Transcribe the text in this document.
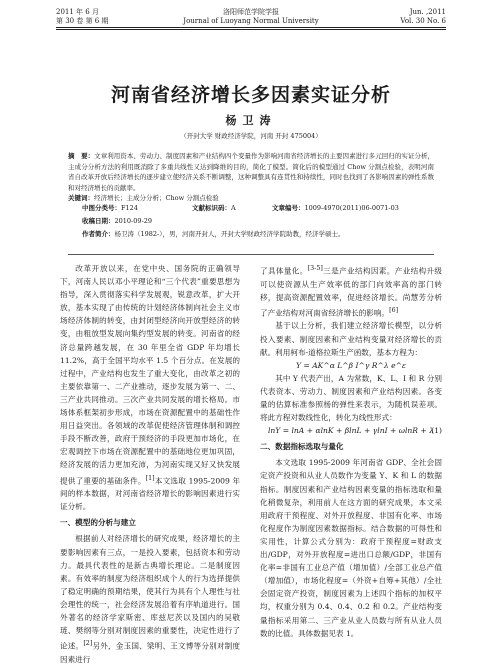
2011 年 6 月
第 30 卷 第 6 期
洛阳师范学院学报
Journal of Luoyang Normal University
Jun. ,2011
Vol. 30 No. 6
河南省经济增长多因素实证分析
杨卫涛
（开封大学 财政经济学院，河南 开封 475004）

摘　要：文章利用资本、劳动力、制度因素和产业结构四个变量作为影响河南省经济增长的主要因素进行多元回归的实证分析，主成分分析方法的利用既消除了多重共线性又达到降维的目的，简化了模型。简化后的模型通过 Chow 分割点检验，表明河南省自改革开放后经济增长的逐步建立使经济关系不断调整，这种调整具有连贯性和持续性，同时也找到了各影响因素的弹性系数和对经济增长的贡献率。

关键词：经济增长；主成分分析；Chow 分割点检验

中图分类号：F124	文献标识码：A	文章编号：1009-4970(2011)06-0071-03
收稿日期：2010-09-29
作者简介：杨卫涛（1982-），男，河南开封人，开封大学财政经济学院助教，经济学硕士。

改革开放以来，在党中央、国务院的正确领导下，河南人民以邓小平理论和“三个代表”重要思想为指导，深入贯彻落实科学发展观，锐意改革，扩大开放，基本实现了由传统的计划经济体制向社会主义市场经济体制的转变，由封闭型经济向开放型经济的转变，由粗放型发展向集约型发展的转变。河南省的经济总量跨越发展，在 30 年里全省 GDP 年均增长 11.2%，高于全国平均水平 1.5 个百分点。在发展的过程中，产业结构也发生了重大变化，由改革之初的主要依靠第一、二产业推动，逐步发展为第一、二、三产业共同推动。三次产业共同发展的增长格局。市场体系框架初步形成，市场在资源配置中的基础性作用日益突出。各领域的改革促使经济管理体制和调控手段不断改善，政府干预经济的手段更加市场化，在宏观调控下市场在资源配置中的基础地位更加巩固，经济发展的活力更加充沛，为河南实现又好又快发展提供了重要的基础条件。[1]本文选取 1995-2009 年间的样本数据，对河南省经济增长的影响因素进行实证分析。

一、模型的分析与建立

根据前人对经济增长的研究成果，经济增长的主要影响因素有三点，一是投入要素，包括资本和劳动力。最具代表性的是新古典增长理论。二是制度因素。有效率的制度为经济组织成个人的行为选择提供了稳定明确的预期结果，使其行为具有个人理性与社会理性的统一，社会经济发展沿着有序轨道进行。国外著名的经济学家斯密、库兹尼茨以及国内的吴敬琏、樊纲等分别对制度因素的重要性，决定性进行了论述。[2]另外，金玉国、梁明、王文博等分别对制度因素进行

了具体量化。[3-5]三是产业结构因素。产业结构升级可以使资源从生产效率低的部门向效率高的部门转移，提高资源配置效率，促进经济增长。尚慧芳分析了产业结构对河南省经济增长的影响。[6]

基于以上分析，我们建立经济增长模型，以分析投入要素、制度因素和产业结构变量对经济增长的贡献。利用柯布-道格拉斯生产函数，基本方程为：

Y = AK^α L^β I^γ R^λ e^ε

其中 Y 代表产出，A 为常数，K、L、I 和 R 分别代表资本、劳动力、制度因素和产业结构因素。各变量的估算标准参照杨的弹性来表示，为随机误差项。将此方程对数线性化，转化为线性形式：

lnY = lnA + αlnK + βlnL + γlnI + ωlnR + λ
(1)

二、数据指标选取与量化

本文选取 1995-2009 年河南省 GDP、全社会固定资产投资和从业人员数作为变量 Y、K 和 L 的数据指标。制度因素和产业结构因素变量的指标选取和量化稍微复杂，利用前人在这方面的研究成果，本文采用政府干预程度、对外开放程度、非国有化率、市场化程度作为制度因素数据指标。结合数据的可得性和实用性，计算公式分别为：政府干预程度=财政支出/GDP，对外开放程度=进出口总额/GDP，非国有化率=非国有工业总产值（增加值）/全部工业总产值（增加值），市场化程度=（外资+自筹+其他）/全社会固定资产投资，制度因素为上述四个指标的加权平均，权重分别为 0.4、0.4、0.2 和 0.2。产业结构变量指标采用第二、三产业从业人员数与所有从业人员数的比值。具体数据见表 1。
